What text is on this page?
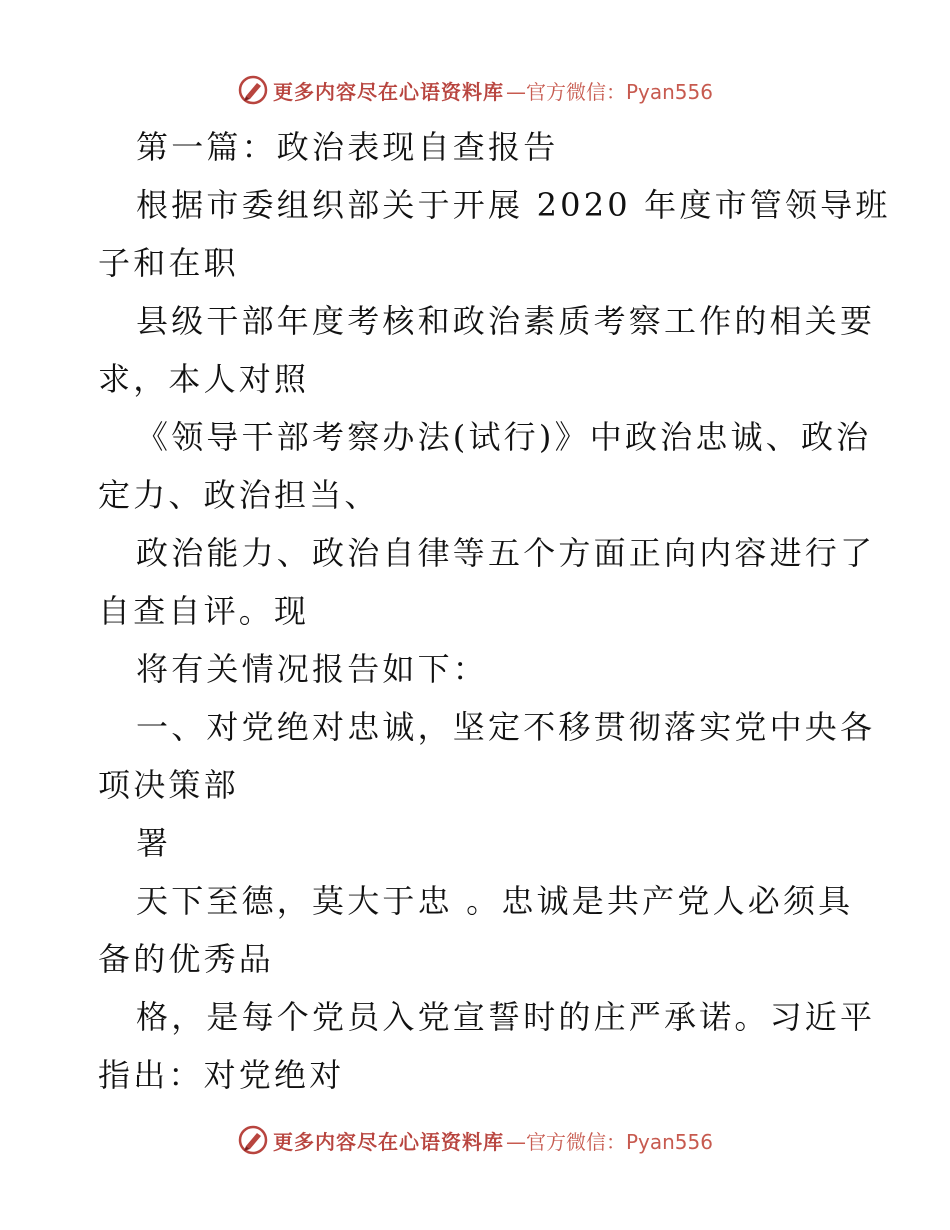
更多内容尽在心语资料库 —官方微信：Pyan556
第一篇：政治表现自查报告
根据市委组织部关于开展 2020 年度市管领导班
子和在职
县级干部年度考核和政治素质考察工作的相关要
求，本人对照
《领导干部考察办法(试行)》中政治忠诚、政治
定力、政治担当、
政治能力、政治自律等五个方面正向内容进行了
自查自评。现
将有关情况报告如下：
一、对党绝对忠诚，坚定不移贯彻落实党中央各
项决策部
署
天下至德，莫大于忠 。忠诚是共产党人必须具
备的优秀品
格，是每个党员入党宣誓时的庄严承诺。习近平
指出：对党绝对
更多内容尽在心语资料库 —官方微信：Pyan556
